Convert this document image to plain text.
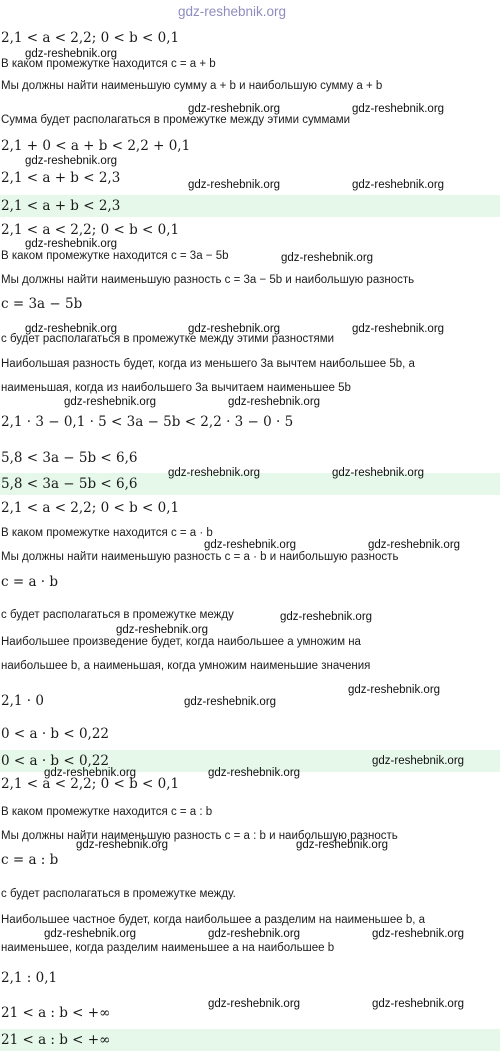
gdz-reshebnik.org
2,1 < a < 2,2; 0 < b < 0,1
В каком промежутке находится c = a + b
Мы должны найти наименьшую сумму a + b и наибольшую сумму a + b
Сумма будет располагаться в промежутке между этими суммами
2,1 + 0 < a + b < 2,2 + 0,1
2,1 < a + b < 2,3
2,1 < a + b < 2,3
2,1 < a < 2,2; 0 < b < 0,1
В каком промежутке находится c = 3a − 5b
Мы должны найти наименьшую разность c = 3a − 5b и наибольшую разность
c = 3a − 5b
c будет располагаться в промежутке между этими разностями
Наибольшая разность будет, когда из меньшего 3a вычтем наибольшее 5b, а
наименьшая, когда из наибольшего 3a вычитаем наименьшее 5b
2,1 · 3 − 0,1 · 5 < 3a − 5b < 2,2 · 3 − 0 · 5
5,8 < 3a − 5b < 6,6
5,8 < 3a − 5b < 6,6
2,1 < a < 2,2; 0 < b < 0,1
В каком промежутке находится c = a · b
Мы должны найти наименьшую разность c = a · b и наибольшую разность
c = a · b
c будет располагаться в промежутке между
Наибольшее произведение будет, когда наибольшее a умножим на
наибольшее b, а наименьшая, когда умножим наименьшие значения
2,1 · 0
0 < a · b < 0,22
0 < a · b < 0,22
2,1 < a < 2,2; 0 < b < 0,1
В каком промежутке находится c = a : b
Мы должны найти наименьшую разность c = a : b и наибольшую разность
c = a : b
c будет располагаться в промежутке между.
Наибольшее частное будет, когда наибольшее a разделим на наименьшее b, а
наименьшее, когда разделим наименьшее a на наибольшее b
2,1 : 0,1
21 < a : b < +∞
21 < a : b < +∞
gdz-reshebnik.org
gdz-reshebnik.org	gdz-reshebnik.org
gdz-reshebnik.org
gdz-reshebnik.org	gdz-reshebnik.org
gdz-reshebnik.org
gdz-reshebnik.org
gdz-reshebnik.org	gdz-reshebnik.org	gdz-reshebnik.org
gdz-reshebnik.org	gdz-reshebnik.org
gdz-reshebnik.org	gdz-reshebnik.org
gdz-reshebnik.org	gdz-reshebnik.org
gdz-reshebnik.org
gdz-reshebnik.org
gdz-reshebnik.org
gdz-reshebnik.org
gdz-reshebnik.org
gdz-reshebnik.org	gdz-reshebnik.org
gdz-reshebnik.org	gdz-reshebnik.org
gdz-reshebnik.org	gdz-reshebnik.org	gdz-reshebnik.org
gdz-reshebnik.org	gdz-reshebnik.org
